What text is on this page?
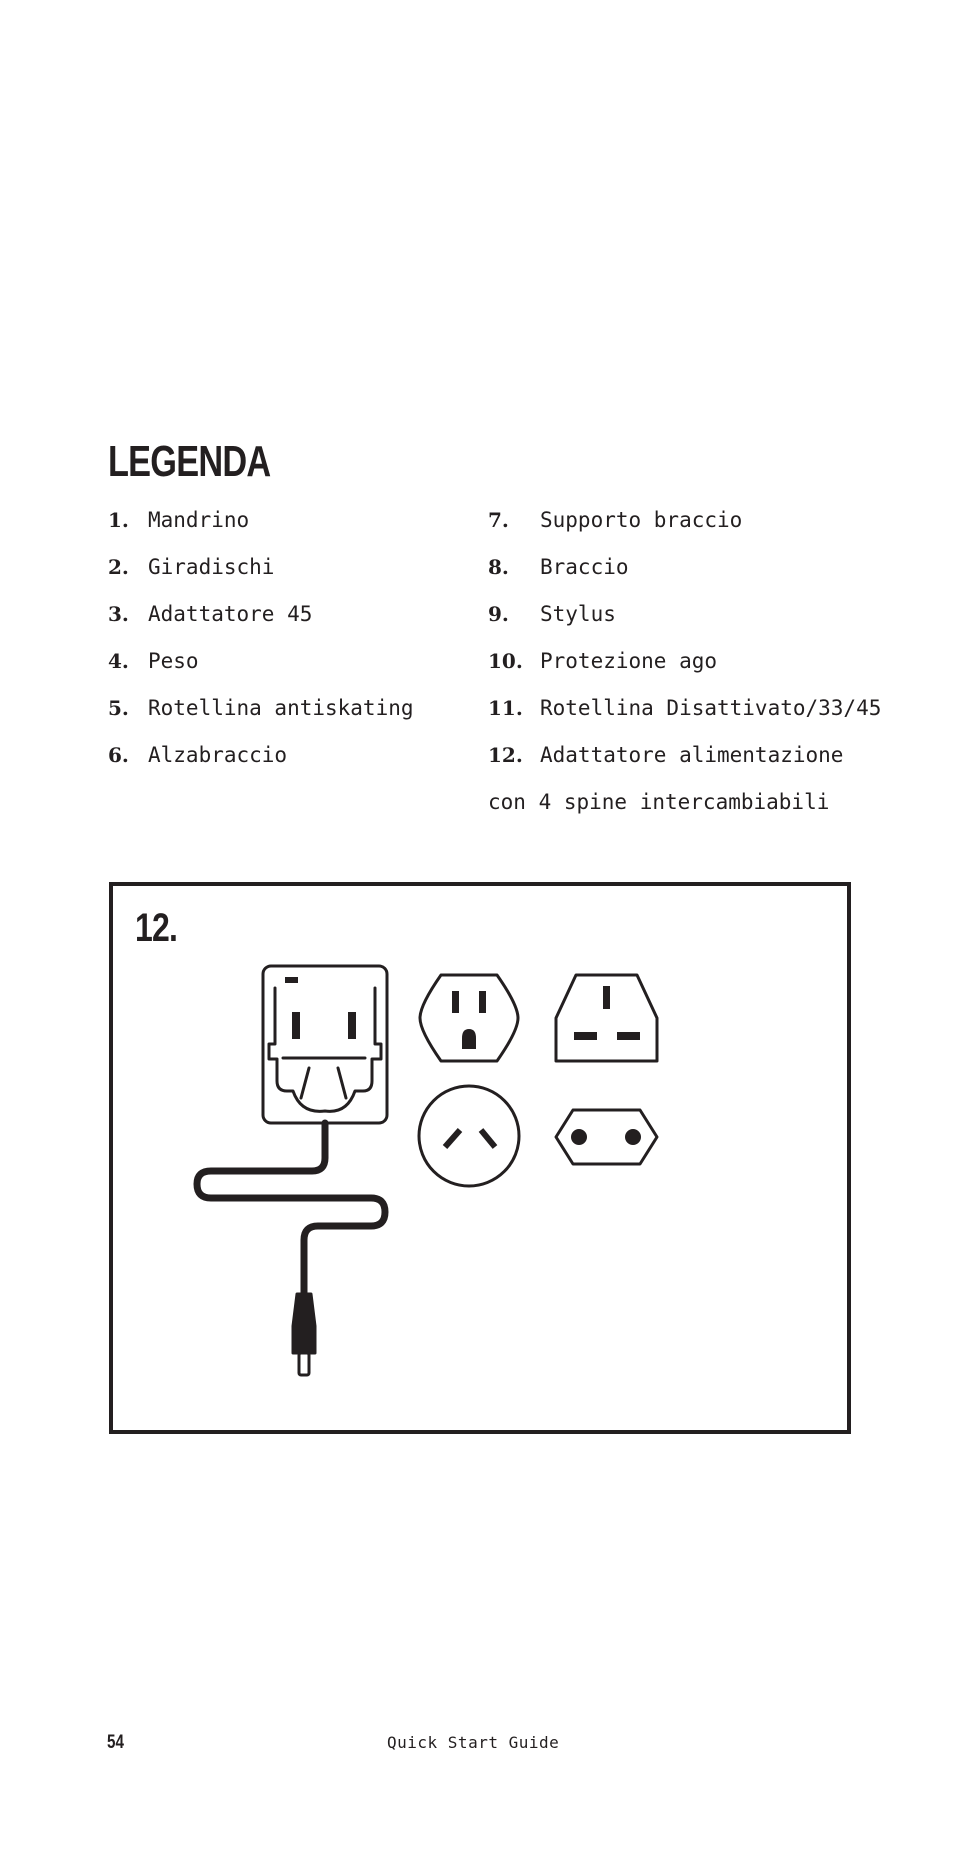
LEGENDA
1. Mandrino
2. Giradischi
3. Adattatore 45
4. Peso
5. Rotellina antiskating
6. Alzabraccio
7.	Supporto braccio
8.	Braccio
9.	Stylus
10. Protezione ago
11. Rotellina Disattivato/33/45
12. Adattatore alimentazione
con 4 spine intercambiabili
12.
54	Quick Start Guide
